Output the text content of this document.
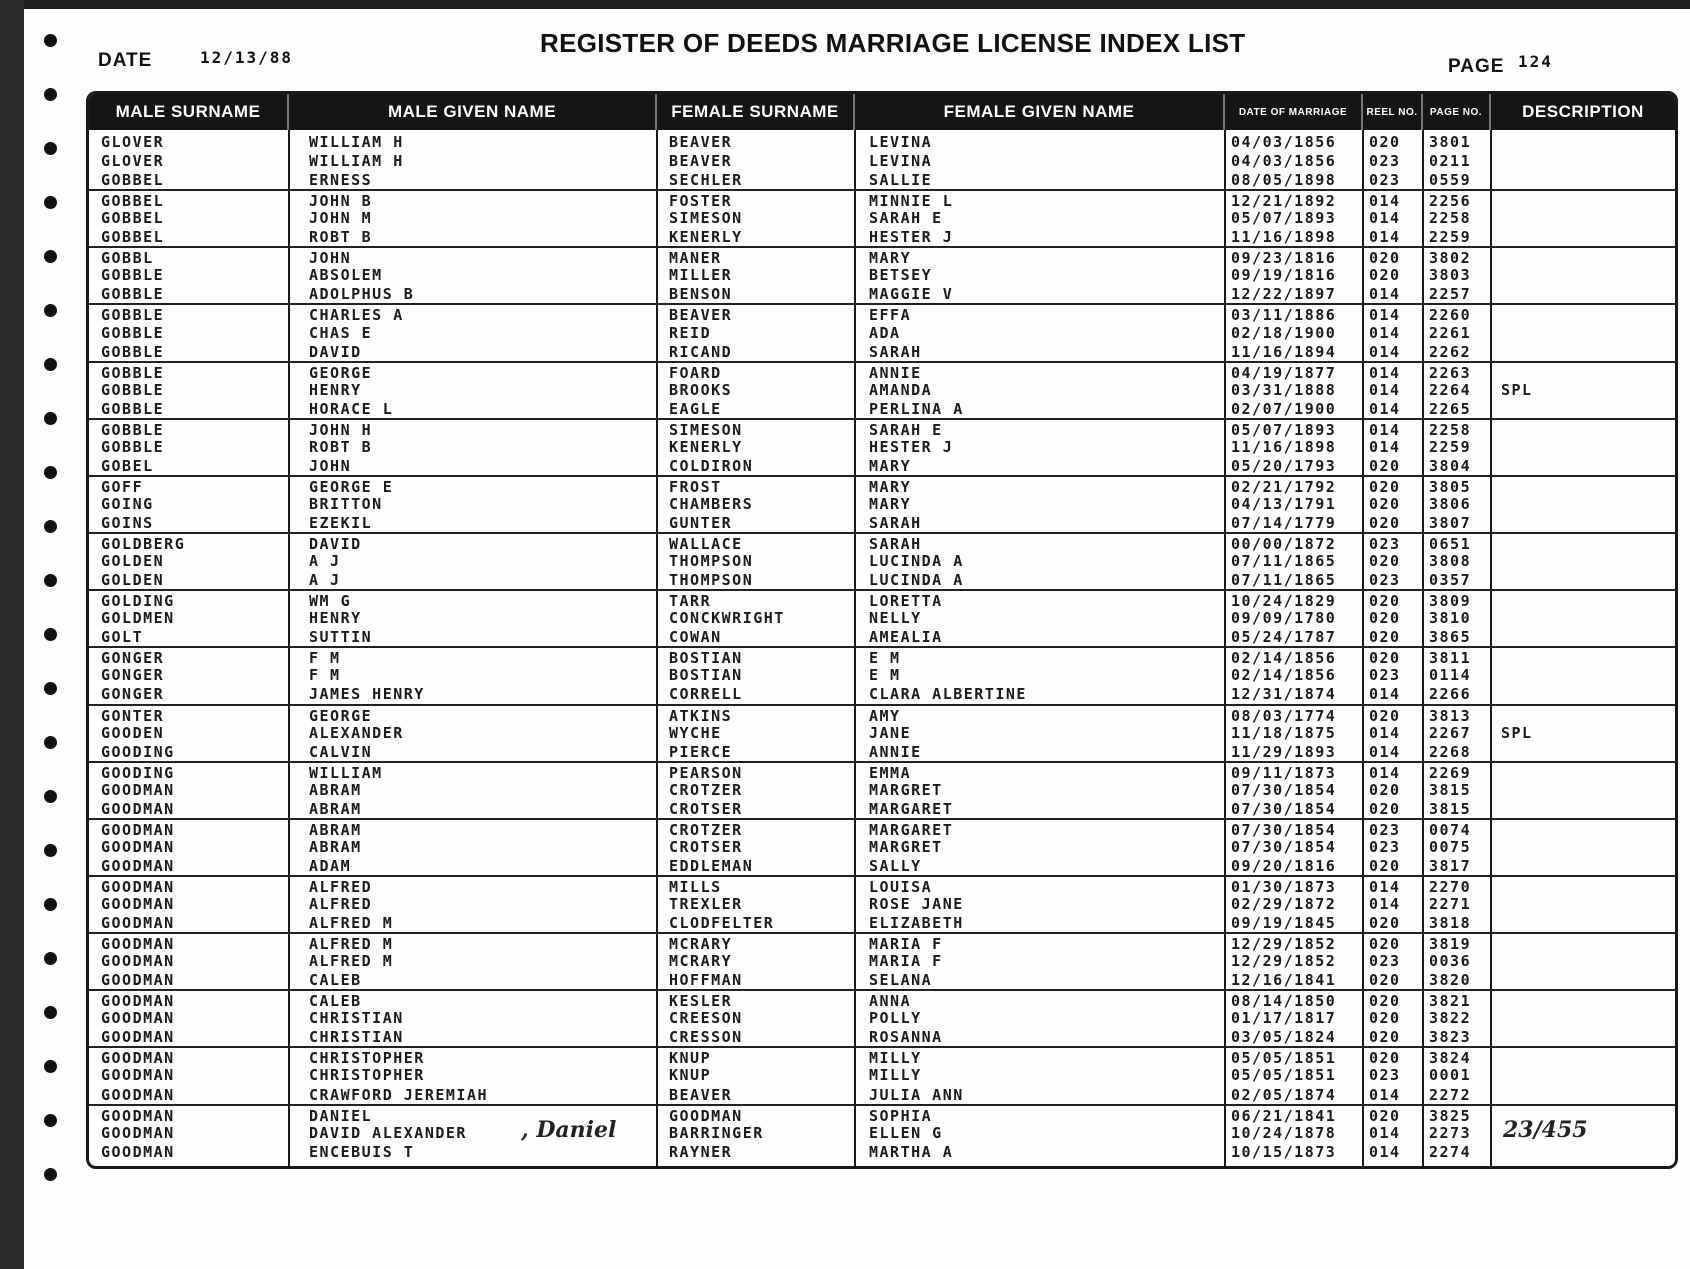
DATE	12/13/88	REGISTER OF DEEDS MARRIAGE LICENSE INDEX LIST
PAGE 124
MALE SURNAME	MALE GIVEN NAME	FEMALE SURNAME	FEMALE GIVEN NAME	DATE OF MARRIAGE	REEL NO.	PAGE NO.	DESCRIPTION
GLOVER	WILLIAM H	BEAVER	LEVINA	04/03/1856 020 3801
GLOVER	WILLIAM H	BEAVER	LEVINA	04/03/1856 023 0211
GOBBEL	ERNESS	SECHLER	SALLIE	08/05/1898 023 0559
GOBBEL	JOHN B	FOSTER	MINNIE L	12/21/1892 014 2256
GOBBEL	JOHN M	SIMESON	SARAH E	05/07/1893 014 2258
GOBBEL	ROBT B	KENERLY	HESTER J	11/16/1898 014 2259
GOBBL	JOHN	MANER	MARY	09/23/1816 020 3802
GOBBLE	ABSOLEM	MILLER	BETSEY	09/19/1816 020 3803
GOBBLE	ADOLPHUS B	BENSON	MAGGIE V	12/22/1897 014 2257
GOBBLE	CHARLES A	BEAVER	EFFA	03/11/1886 014 2260
GOBBLE	CHAS E	REID	ADA	02/18/1900 014 2261
GOBBLE	DAVID	RICAND	SARAH	11/16/1894 014 2262
GOBBLE	GEORGE	FOARD	ANNIE	04/19/1877 014 2263
GOBBLE	HENRY	BROOKS	AMANDA	03/31/1888 014 2264 SPL
GOBBLE	HORACE L	EAGLE	PERLINA A	02/07/1900 014 2265
GOBBLE	JOHN H	SIMESON	SARAH E	05/07/1893 014 2258
GOBBLE	ROBT B	KENERLY	HESTER J	11/16/1898 014 2259
GOBEL	JOHN	COLDIRON	MARY	05/20/1793 020 3804
GOFF	GEORGE E	FROST	MARY	02/21/1792 020 3805
GOING	BRITTON	CHAMBERS	MARY	04/13/1791 020 3806
GOINS	EZEKIL	GUNTER	SARAH	07/14/1779 020 3807
GOLDBERG	DAVID	WALLACE	SARAH	00/00/1872 023 0651
GOLDEN	A J	THOMPSON	LUCINDA A	07/11/1865 020 3808
GOLDEN	A J	THOMPSON	LUCINDA A	07/11/1865 023 0357
GOLDING	WM G	TARR	LORETTA	10/24/1829 020 3809
GOLDMEN	HENRY	CONCKWRIGHT	NELLY	09/09/1780 020 3810
GOLT	SUTTIN	COWAN	AMEALIA	05/24/1787 020 3865
GONGER	F M	BOSTIAN	E M	02/14/1856 020 3811
GONGER	F M	BOSTIAN	E M	02/14/1856 023 0114
GONGER	JAMES HENRY	CORRELL	CLARA ALBERTINE	12/31/1874 014 2266
GONTER	GEORGE	ATKINS	AMY	08/03/1774 020 3813
GOODEN	ALEXANDER	WYCHE	JANE	11/18/1875 014 2267 SPL
GOODING	CALVIN	PIERCE	ANNIE	11/29/1893 014 2268
GOODING	WILLIAM	PEARSON	EMMA	09/11/1873 014 2269
GOODMAN	ABRAM	CROTZER	MARGRET	07/30/1854 020 3815
GOODMAN	ABRAM	CROTSER	MARGARET	07/30/1854 020 3815
GOODMAN	ABRAM	CROTZER	MARGARET	07/30/1854 023 0074
GOODMAN	ABRAM	CROTSER	MARGRET	07/30/1854 023 0075
GOODMAN	ADAM	EDDLEMAN	SALLY	09/20/1816 020 3817
GOODMAN	ALFRED	MILLS	LOUISA	01/30/1873 014 2270
GOODMAN	ALFRED	TREXLER	ROSE JANE	02/29/1872 014 2271
GOODMAN	ALFRED M	CLODFELTER	ELIZABETH	09/19/1845 020 3818
GOODMAN	ALFRED M	MCRARY	MARIA F	12/29/1852 020 3819
GOODMAN	ALFRED M	MCRARY	MARIA F	12/29/1852 023 0036
GOODMAN	CALEB	HOFFMAN	SELANA	12/16/1841 020 3820
GOODMAN	CALEB	KESLER	ANNA	08/14/1850 020 3821
GOODMAN	CHRISTIAN	CREESON	POLLY	01/17/1817 020 3822
GOODMAN	CHRISTIAN	CRESSON	ROSANNA	03/05/1824 020 3823
GOODMAN	CHRISTOPHER	KNUP	MILLY	05/05/1851 020 3824
GOODMAN	CHRISTOPHER	KNUP	MILLY	05/05/1851 023 0001
GOODMAN	CRAWFORD JEREMIAH	BEAVER	JULIA ANN	02/05/1874 014 2272
GOODMAN	DANIEL	GOODMAN	SOPHIA	06/21/1841 020 3825
GOODMAN	DAVID ALEXANDER	BARRINGER	ELLEN G	10/24/1878 014 2273
GOODMAN	ENCEBUIS T	RAYNER	MARTHA A	10/15/1873 014 2274
, Daniel	23/455
